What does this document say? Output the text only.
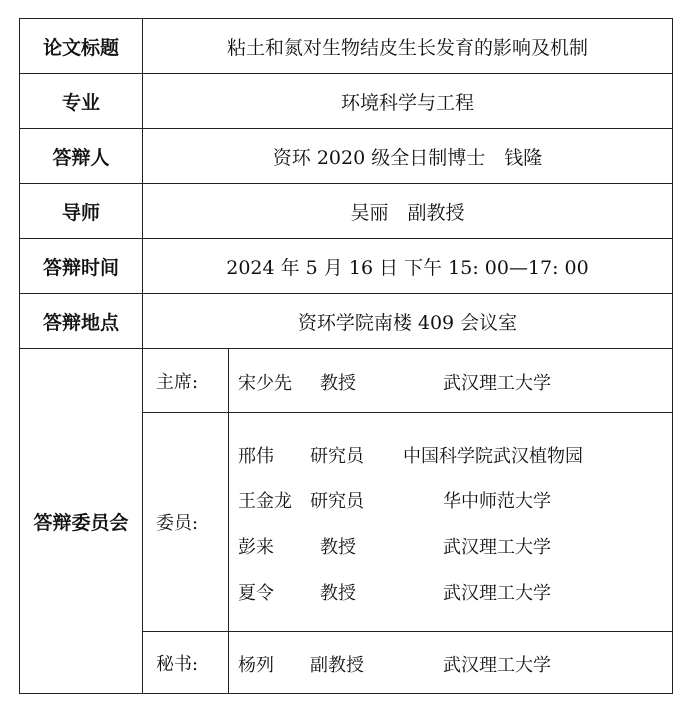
论文标题	粘土和氮对生物结皮生长发育的影响及机制
专业	环境科学与工程
答辩人	资环 2020 级全日制博士　钱隆
导师	吴丽　副教授
答辩时间	2024 年 5 月 16 日 下午 15: 00—17: 00
答辩地点	资环学院南楼 409 会议室
答辩委员会
主席:	宋少先 教授	武汉理工大学
委员:
邢伟 研究员 中国科学院武汉植物园
王金龙 研究员	华中师范大学
彭来	教授	武汉理工大学
夏令	教授	武汉理工大学
秘书:	杨列 副教授	武汉理工大学
